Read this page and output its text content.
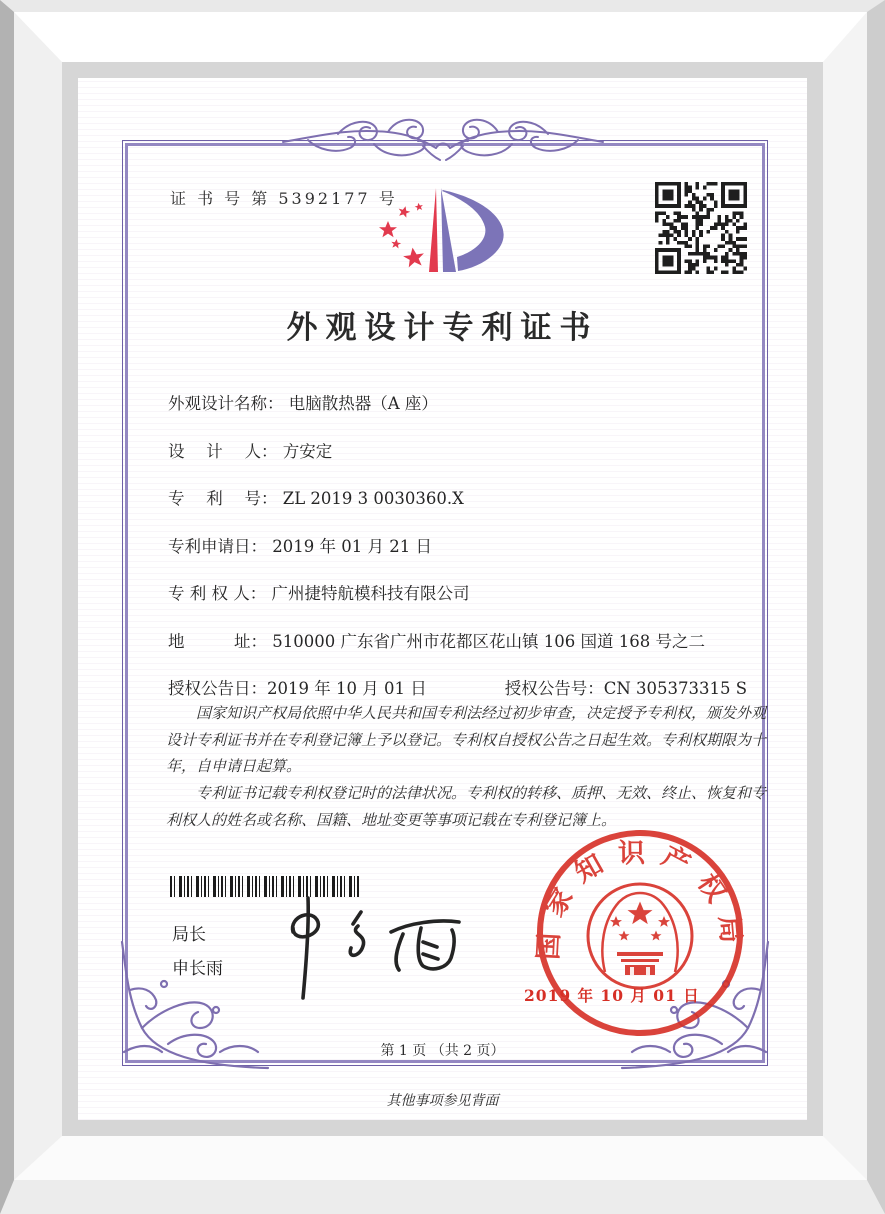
证 书 号 第 5392177 号
外观设计专利证书
外观设计名称： 电脑散热器（A 座）
设　 计　 人： 方安定
专　 利　 号： ZL 2019 3 0030360.X
专利申请日： 2019 年 01 月 21 日
专 利 权 人： 广州捷特航模科技有限公司
地　　　址： 510000 广东省广州市花都区花山镇 106 国道 168 号之二
授权公告日：2019 年 10 月 01 日	授权公告号：CN 305373315 S

国家知识产权局依照中华人民共和国专利法经过初步审查，决定授予专利权，颁发外观设计专利证书并在专利登记簿上予以登记。专利权自授权公告之日起生效。专利权期限为十年，自申请日起算。

专利证书记载专利权登记时的法律状况。专利权的转移、质押、无效、终止、恢复和专利权人的姓名或名称、国籍、地址变更等事项记载在专利登记簿上。

局长
申长雨
国家知识产权局
2019 年 10 月 01 日
第 1 页 （共 2 页）
其他事项参见背面
